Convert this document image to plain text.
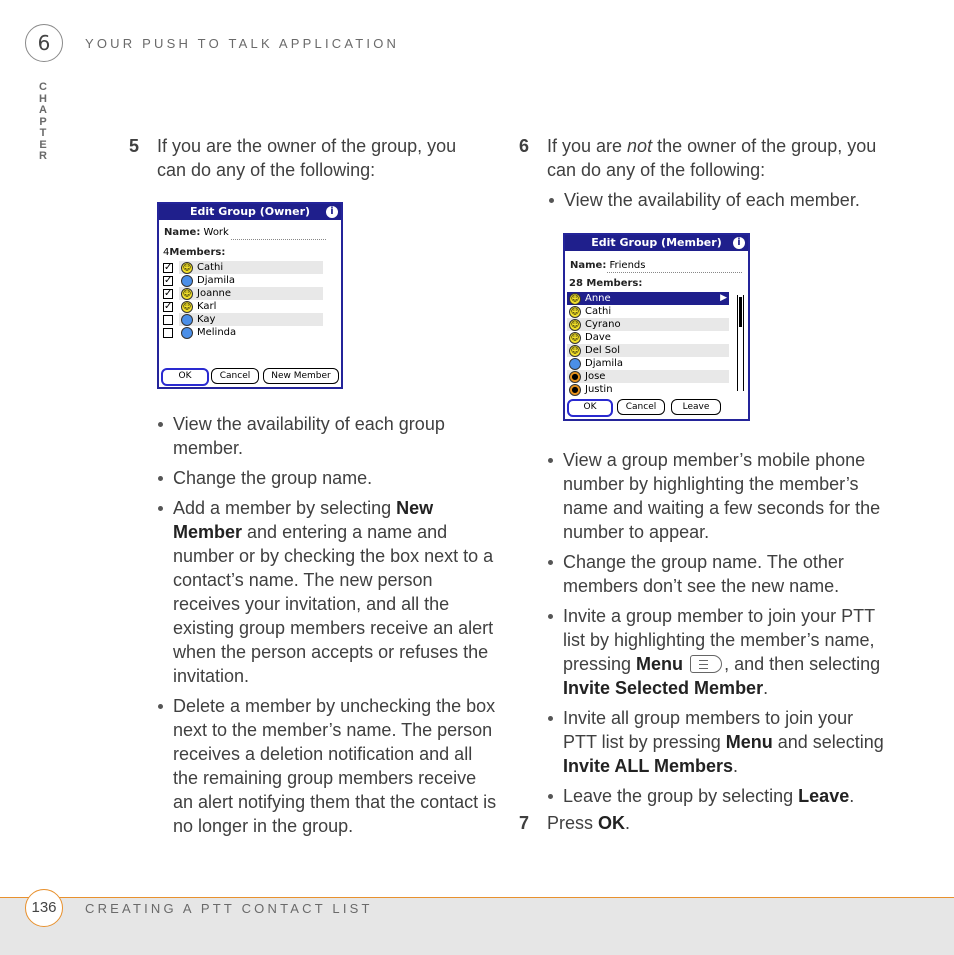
6	YOUR PUSH TO TALK APPLICATION
CHAPTER	5 If you are the owner of the group, you can do any of the following:
Edit Group (Owner)	i
Name: Work
4Members:
✓ ☺ Cathi
✓ Djamila
✓ ☺ Joanne
✓ ☺ Karl
Kay
Melinda
OK	Cancel	New Member
View the availability of each group member.
Change the group name.
Add a member by selecting New Member and entering a name and number or by checking the box next to a contact’s name. The new person receives your invitation, and all the existing group members receive an alert when the person accepts or refuses the invitation.
Delete a member by unchecking the box next to the member’s name. The person receives a deletion notification and all the remaining group members receive an alert notifying them that the contact is no longer in the group.
6 If you are not the owner of the group, you can do any of the following:
View the availability of each member.
Edit Group (Member)	i
Name: Friends
28 Members:
▶
☺ Anne
☺ Cathi
☺ Cyrano
☺ Dave
☺ Del Sol
Djamila
● Jose
● Justin
OK	Cancel	Leave
View a group member’s mobile phone number by highlighting the member’s name and waiting a few seconds for the number to appear.
Change the group name. The other members don’t see the new name.
Invite a group member to join your PTT list by highlighting the member’s name, pressing Menu , and then selecting Invite Selected Member.
Invite all group members to join your PTT list by pressing Menu and selecting Invite ALL Members.
Leave the group by selecting Leave.
7 Press OK.
136	CREATING A PTT CONTACT LIST
